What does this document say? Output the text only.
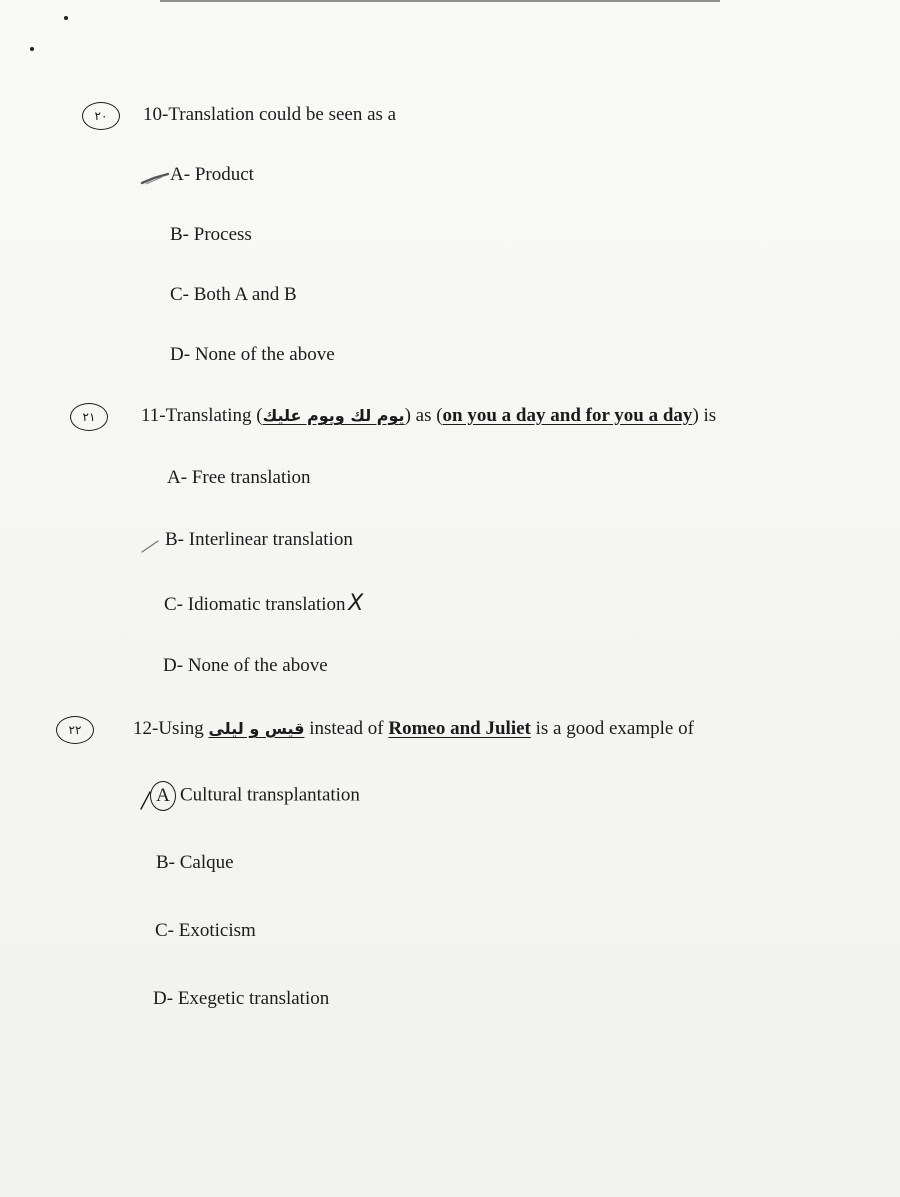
٢٠	10-Translation could be seen as a
A- Product
B- Process
C- Both A and B
D- None of the above
٢١	11-Translating (يوم لك ويوم عليك) as (on you a day and for you a day) is
A- Free translation
B- Interlinear translation
C- Idiomatic translation X
D- None of the above
٢٢	12-Using قيس و ليلى instead of Romeo and Juliet is a good example of
A Cultural transplantation
B- Calque
C- Exoticism
D- Exegetic translation
